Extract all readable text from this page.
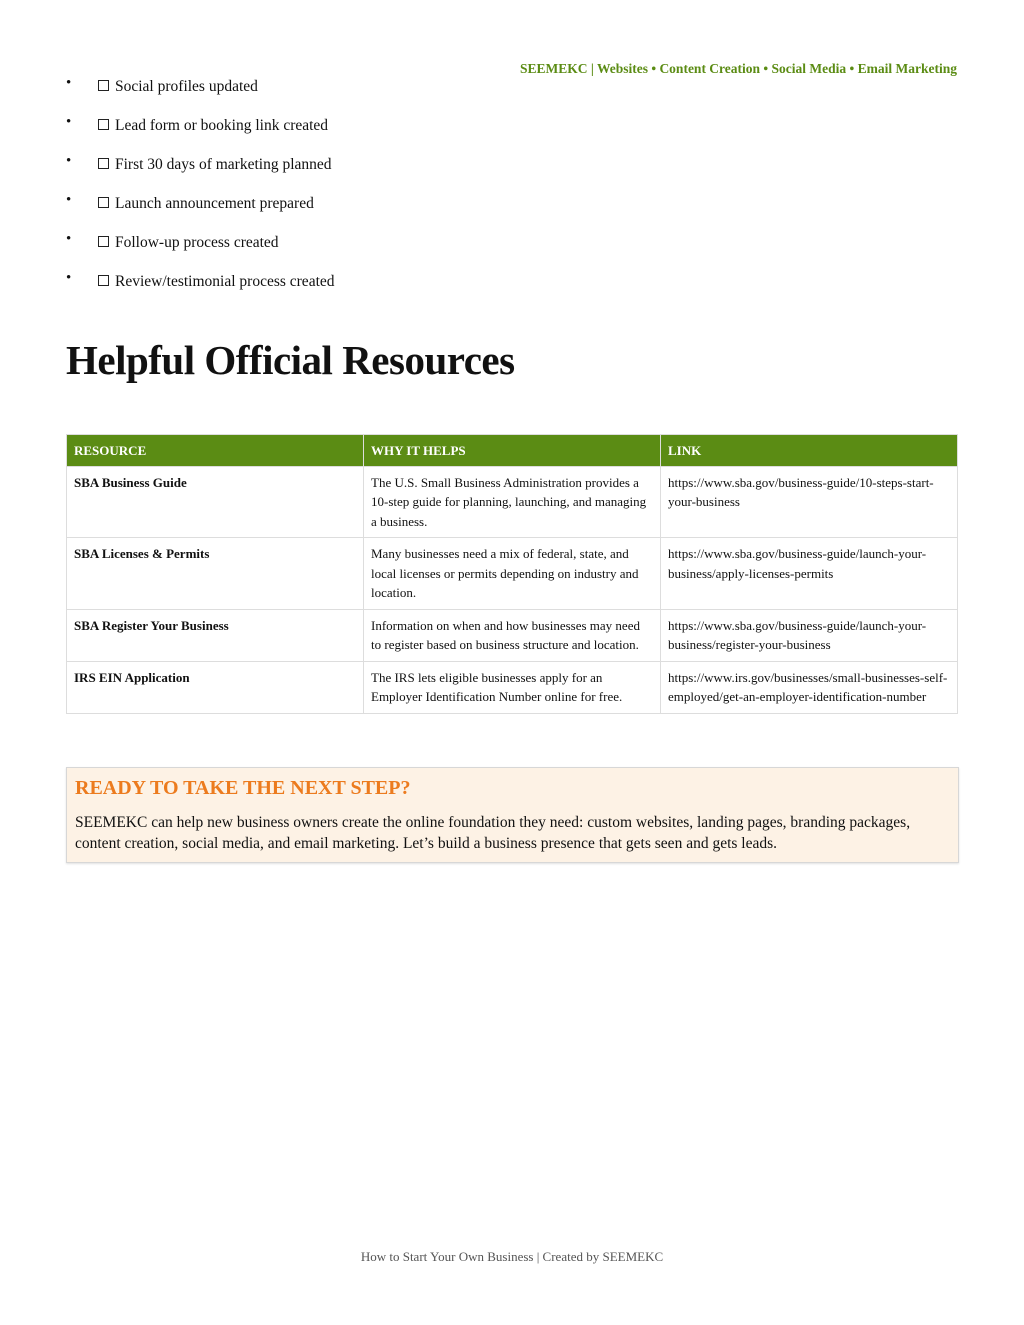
SEEMEKC | Websites • Content Creation • Social Media • Email Marketing
•	Social profiles updated
•	Lead form or booking link created
•	First 30 days of marketing planned
•	Launch announcement prepared
•	Follow-up process created
•	Review/testimonial process created
Helpful Official Resources
RESOURCE	WHY IT HELPS	LINK
SBA Business Guide	The U.S. Small Business Administration provides a 10-step guide for planning, launching, and managing a business.	https://www.sba.gov/business-guide/10-steps-start-your-business
SBA Licenses & Permits	Many businesses need a mix of federal, state, and local licenses or permits depending on industry and location.	https://www.sba.gov/business-guide/launch-your-business/apply-licenses-permits
SBA Register Your Business	Information on when and how businesses may need to register based on business structure and location.	https://www.sba.gov/business-guide/launch-your-business/register-your-business
IRS EIN Application	The IRS lets eligible businesses apply for an Employer Identification Number online for free.	https://www.irs.gov/businesses/small-businesses-self-employed/get-an-employer-identification-number
READY TO TAKE THE NEXT STEP?

SEEMEKC can help new business owners create the online foundation they need: custom websites, landing pages, branding packages, content creation, social media, and email marketing. Let’s build a business presence that gets seen and gets leads.

How to Start Your Own Business | Created by SEEMEKC
